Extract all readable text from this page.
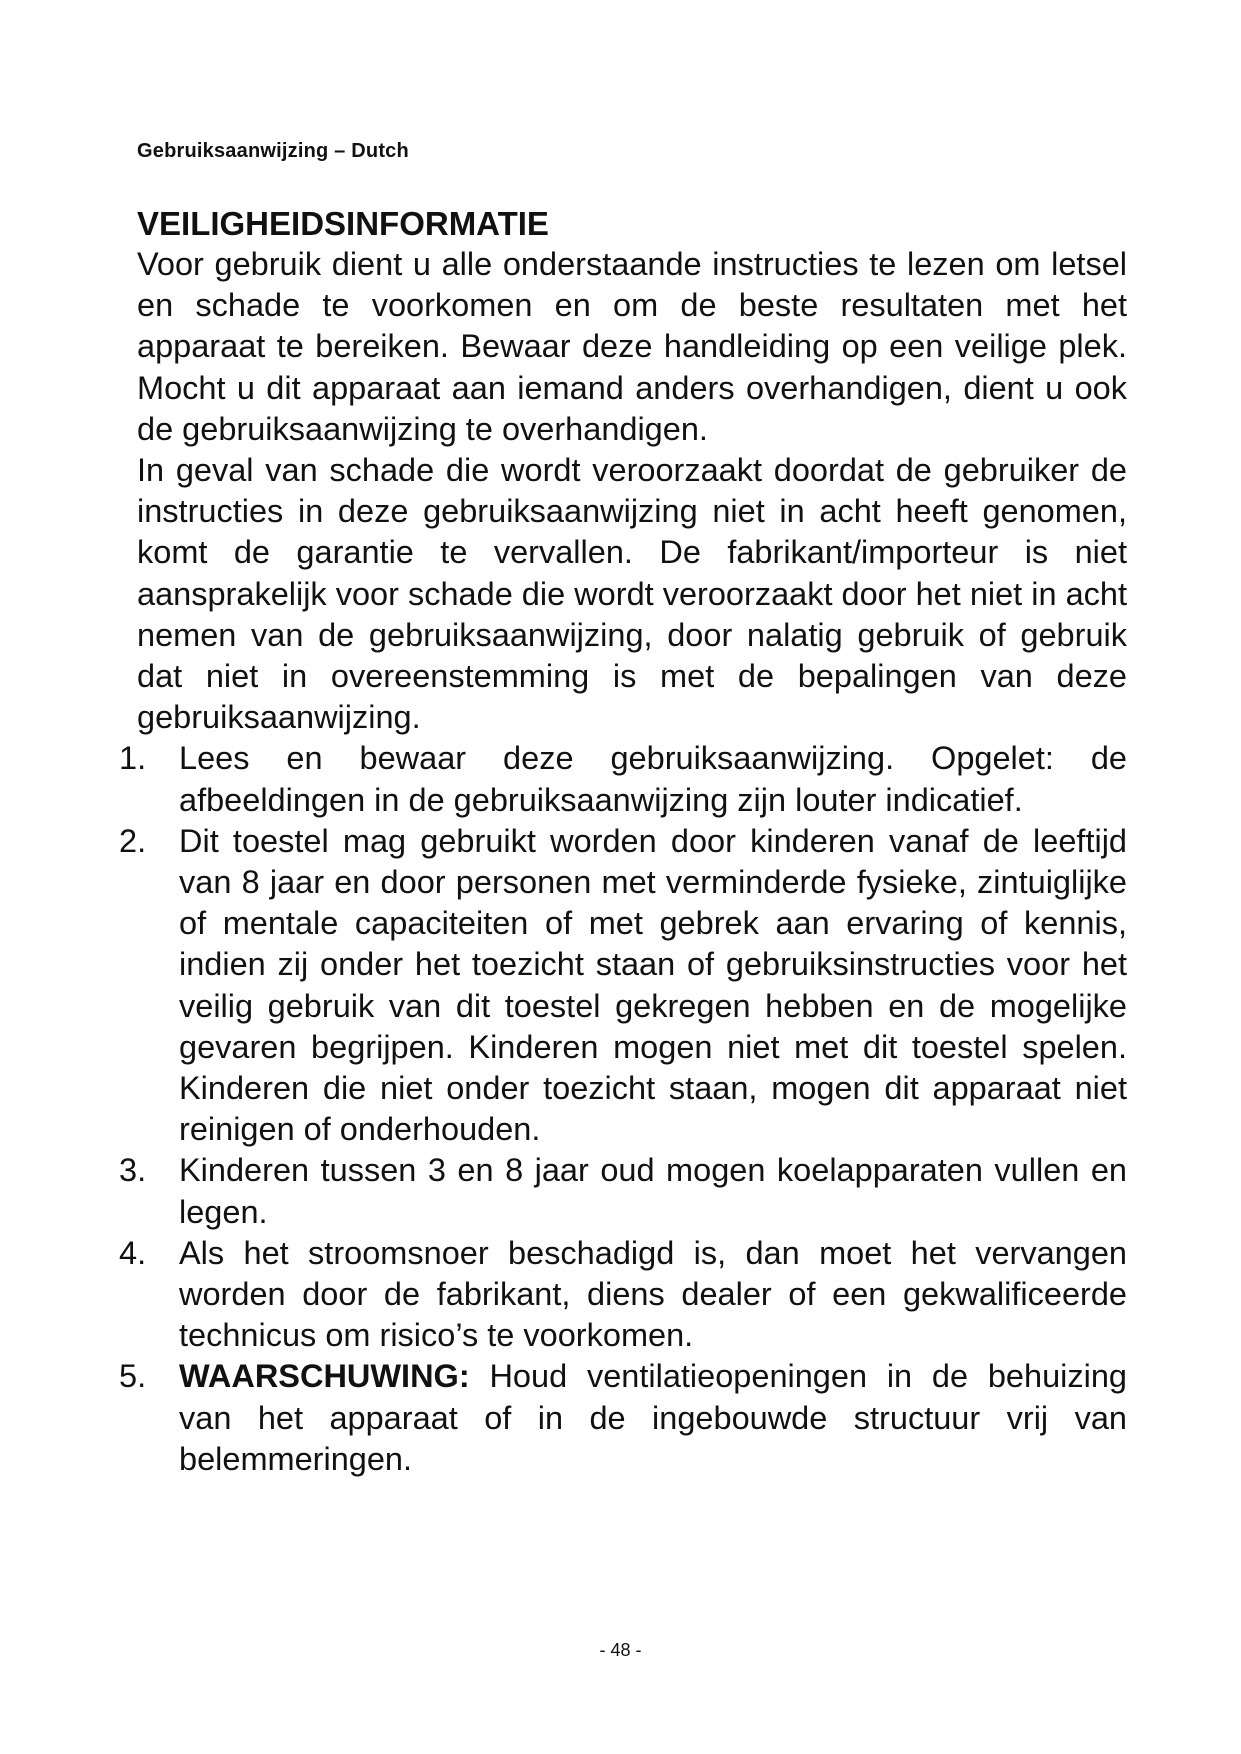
Gebruiksaanwijzing – Dutch
VEILIGHEIDSINFORMATIE

Voor gebruik dient u alle onderstaande instructies te lezen om letsel en schade te voorkomen en om de beste resultaten met het apparaat te bereiken. Bewaar deze handleiding op een veilige plek. Mocht u dit apparaat aan iemand anders overhandigen, dient u ook de gebruiksaanwijzing te overhandigen.

In geval van schade die wordt veroorzaakt doordat de gebruiker de instructies in deze gebruiksaanwijzing niet in acht heeft genomen, komt de garantie te vervallen. De fabrikant/importeur is niet aansprakelijk voor schade die wordt veroorzaakt door het niet in acht nemen van de gebruiksaanwijzing, door nalatig gebruik of gebruik dat niet in overeenstemming is met de bepalingen van deze gebruiksaanwijzing.

1. Lees en bewaar deze gebruiksaanwijzing. Opgelet: de afbeeldingen in de gebruiksaanwijzing zijn louter indicatief.
2. Dit toestel mag gebruikt worden door kinderen vanaf de leeftijd van 8 jaar en door personen met verminderde fysieke, zintuiglijke of mentale capaciteiten of met gebrek aan ervaring of kennis, indien zij onder het toezicht staan of gebruiksinstructies voor het veilig gebruik van dit toestel gekregen hebben en de mogelijke gevaren begrijpen. Kinderen mogen niet met dit toestel spelen. Kinderen die niet onder toezicht staan, mogen dit apparaat niet reinigen of onderhouden.
3. Kinderen tussen 3 en 8 jaar oud mogen koelapparaten vullen en legen.
4. Als het stroomsnoer beschadigd is, dan moet het vervangen worden door de fabrikant, diens dealer of een gekwalificeerde technicus om risico’s te voorkomen.
5. WAARSCHUWING: Houd ventilatieopeningen in de behuizing van het apparaat of in de ingebouwde structuur vrij van belemmeringen.
- 48 -
